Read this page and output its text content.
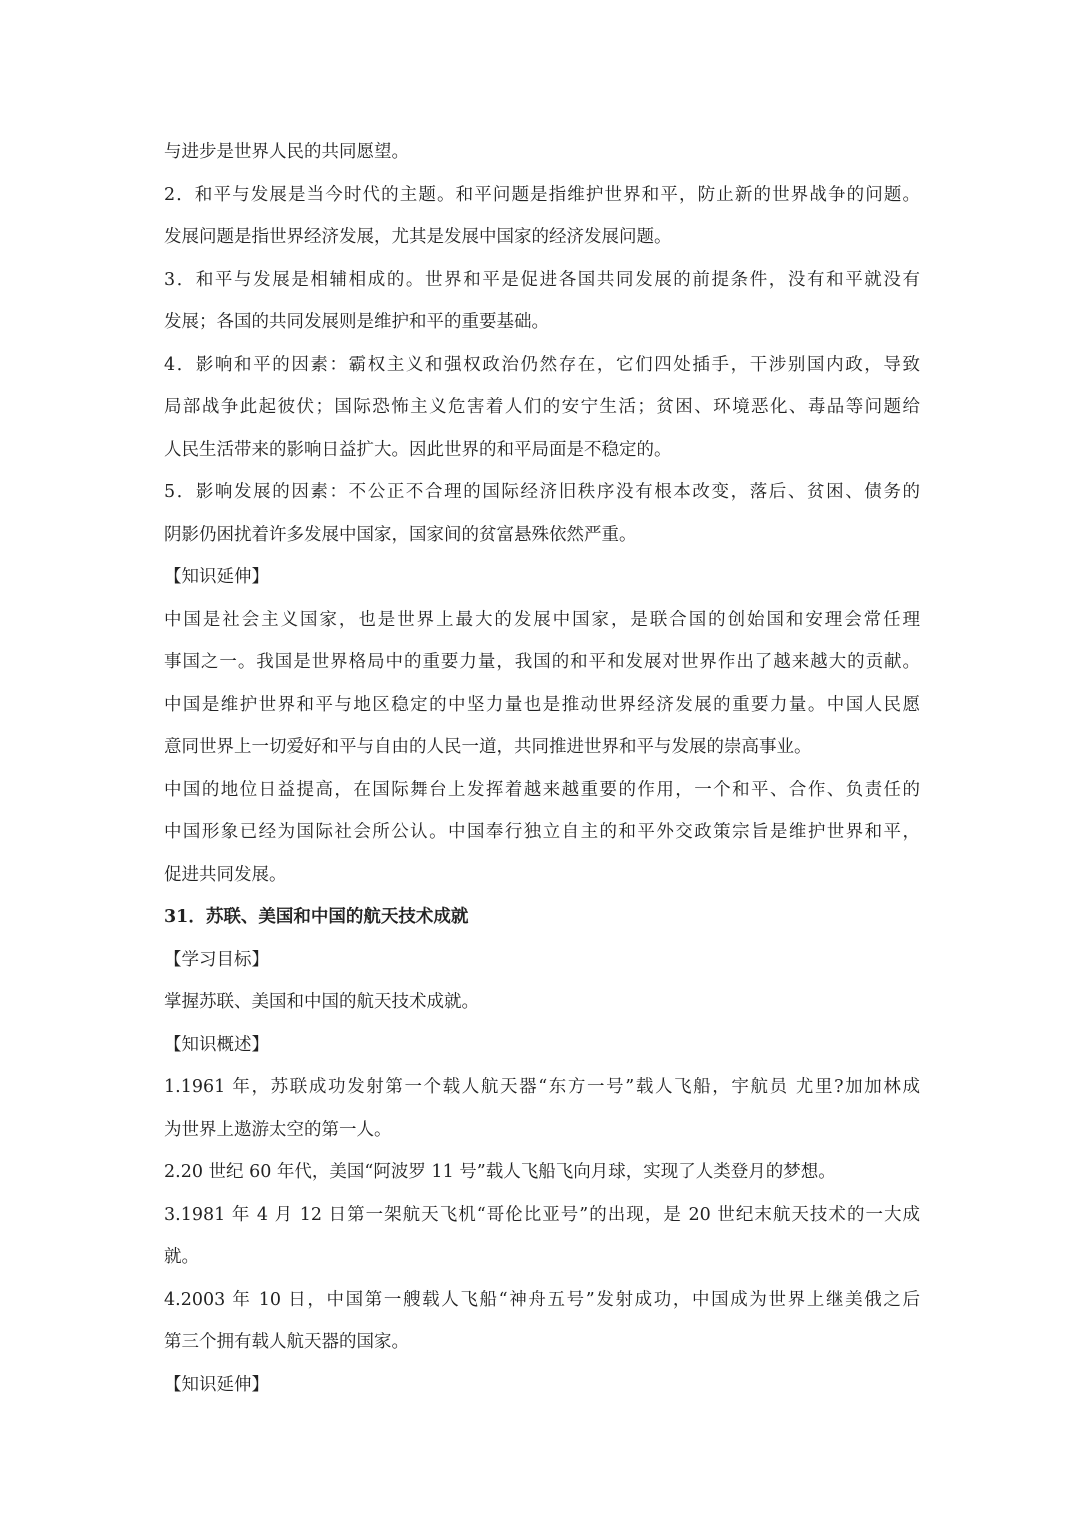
与进步是世界人民的共同愿望。
2．和平与发展是当今时代的主题。和平问题是指维护世界和平，防止新的世界战争的问题。
发展问题是指世界经济发展，尤其是发展中国家的经济发展问题。
3．和平与发展是相辅相成的。世界和平是促进各国共同发展的前提条件，没有和平就没有
发展；各国的共同发展则是维护和平的重要基础。
4．影响和平的因素：霸权主义和强权政治仍然存在，它们四处插手，干涉别国内政，导致
局部战争此起彼伏；国际恐怖主义危害着人们的安宁生活；贫困、环境恶化、毒品等问题给
人民生活带来的影响日益扩大。因此世界的和平局面是不稳定的。
5．影响发展的因素：不公正不合理的国际经济旧秩序没有根本改变，落后、贫困、债务的
阴影仍困扰着许多发展中国家，国家间的贫富悬殊依然严重。
【知识延伸】
中国是社会主义国家，也是世界上最大的发展中国家，是联合国的创始国和安理会常任理
事国之一。我国是世界格局中的重要力量，我国的和平和发展对世界作出了越来越大的贡献。
中国是维护世界和平与地区稳定的中坚力量也是推动世界经济发展的重要力量。中国人民愿
意同世界上一切爱好和平与自由的人民一道，共同推进世界和平与发展的崇高事业。
中国的地位日益提高，在国际舞台上发挥着越来越重要的作用，一个和平、合作、负责任的
中国形象已经为国际社会所公认。中国奉行独立自主的和平外交政策宗旨是维护世界和平，
促进共同发展。
31．苏联、美国和中国的航天技术成就
【学习目标】
掌握苏联、美国和中国的航天技术成就。
【知识概述】
1.1961 年，苏联成功发射第一个载人航天器“东方一号”载人飞船，宇航员 尤里?加加林成
为世界上遨游太空的第一人。
2.20 世纪 60 年代，美国“阿波罗 11 号”载人飞船飞向月球，实现了人类登月的梦想。
3.1981 年 4 月 12 日第一架航天飞机“哥伦比亚号”的出现，是 20 世纪末航天技术的一大成
就。
4.2003 年 10 日，中国第一艘载人飞船“神舟五号”发射成功，中国成为世界上继美俄之后
第三个拥有载人航天器的国家。
【知识延伸】
